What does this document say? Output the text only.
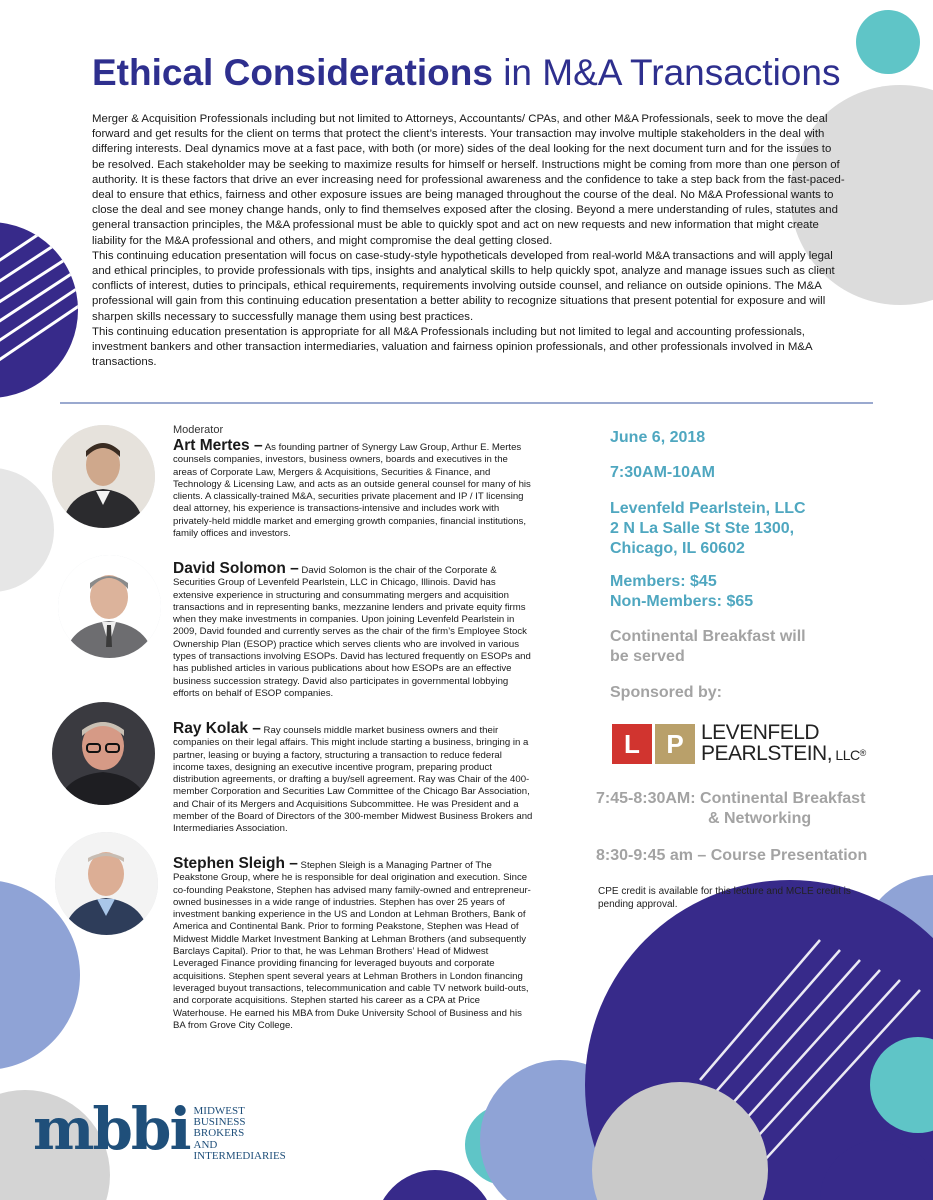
Ethical Considerations in M&A Transactions

Merger & Acquisition Professionals including but not limited to Attorneys, Accountants/ CPAs, and other M&A Professionals, seek to move the deal forward and get results for the client on terms that protect the client’s interests. Your transaction may involve multiple stakeholders in the deal with differing interests. Deal dynamics move at a fast pace, with both (or more) sides of the deal looking for the next document turn and for the issues to be resolved. Each stakeholder may be seeking to maximize results for himself or herself. Instructions might be coming from more than one person of authority. It is these factors that drive an ever increasing need for professional awareness and the confidence to take a step back from the fast-paced-deal to ensure that ethics, fairness and other exposure issues are being managed throughout the course of the deal. No M&A Professional wants to close the deal and see money change hands, only to find themselves exposed after the closing. Beyond a mere understanding of rules, statutes and general transaction principles, the M&A professional must be able to quickly spot and act on new requests and new information that might create liability for the M&A professional and others, and might compromise the deal getting closed.

This continuing education presentation will focus on case-study-style hypotheticals developed from real-world M&A transactions and will apply legal and ethical principles, to provide professionals with tips, insights and analytical skills to help quickly spot, analyze and manage issues such as client conflicts of interest, duties to principals, ethical requirements, requirements involving outside counsel, and reliance on outside opinions. The M&A professional will gain from this continuing education presentation a better ability to recognize situations that present potential for exposure and will sharpen skills necessary to successfully manage them using best practices.

This continuing education presentation is appropriate for all M&A Professionals including but not limited to legal and accounting professionals, investment bankers and other transaction intermediaries, valuation and fairness opinion professionals, and other professionals involved in M&A transactions.

Moderator
Art Mertes – As founding partner of Synergy Law Group, Arthur E. Mertes counsels companies, investors, business owners, boards and executives in the areas of Corporate Law, Mergers & Acquisitions, Securities & Finance, and Technology & Licensing Law, and acts as an outside general counsel for many of his clients. A classically-trained M&A, securities private placement and IP / IT licensing deal attorney, his experience is transactions-intensive and includes work with privately-held middle market and emerging growth companies, financial institutions, family offices and investors.
David Solomon – David Solomon is the chair of the Corporate & Securities Group of Levenfeld Pearlstein, LLC in Chicago, Illinois. David has extensive experience in structuring and consummating mergers and acquisition transactions and in representing banks, mezzanine lenders and private equity firms when they make investments in companies. Upon joining Levenfeld Pearlstein in 2009, David founded and currently serves as the chair of the firm’s Employee Stock Ownership Plan (ESOP) practice which serves clients who are involved in various types of transactions involving ESOPs. David has lectured frequently on ESOPs and has published articles in various publications about how ESOPs are an effective business succession strategy. David also participates in governmental lobbying efforts on behalf of ESOP companies.
Ray Kolak – Ray counsels middle market business owners and their companies on their legal affairs. This might include starting a business, bringing in a partner, leasing or buying a factory, structuring a transaction to reduce federal income taxes, designing an executive incentive program, preparing product distribution agreements, or drafting a buy/sell agreement. Ray was Chair of the 400-member Corporation and Securities Law Committee of the Chicago Bar Association, and Chair of its Mergers and Acquisitions Subcommittee. He was President and a member of the Board of Directors of the 300-member Midwest Business Brokers and Intermediaries Association.
Stephen Sleigh – Stephen Sleigh is a Managing Partner of The Peakstone Group, where he is responsible for deal origination and execution. Since co-founding Peakstone, Stephen has advised many family-owned and entrepreneur-owned businesses in a wide range of industries. Stephen has over 25 years of investment banking experience in the US and London at Lehman Brothers, Bank of America and Continental Bank. Prior to forming Peakstone, Stephen was Head of Midwest Middle Market Investment Banking at Lehman Brothers (and subsequently Barclays Capital). Prior to that, he was Lehman Brothers’ Head of Midwest Leveraged Finance providing financing for leveraged buyouts and corporate acquisitions. Stephen spent several years at Lehman Brothers in London financing leveraged buyout transactions, telecommunication and cable TV network build-outs, and corporate acquisitions. Stephen started his career as a CPA at Price Waterhouse. He earned his MBA from Duke University School of Business and his BA from Grove City College.
June 6, 2018
7:30AM-10AM
Levenfeld Pearlstein, LLC
2 N La Salle St Ste 1300,
Chicago, IL 60602
Members: $45
Non-Members: $65
Continental Breakfast will
be served
Sponsored by:
L	P LEVENFELD
PEARLSTEIN, LLC®
7:45-8:30AM: Continental Breakfast
& Networking
8:30-9:45 am – Course Presentation
CPE credit is available for this lecture and MCLE credit is pending approval.
mbbi MIDWEST
BUSINESS
BROKERS
AND
INTERMEDIARIES
